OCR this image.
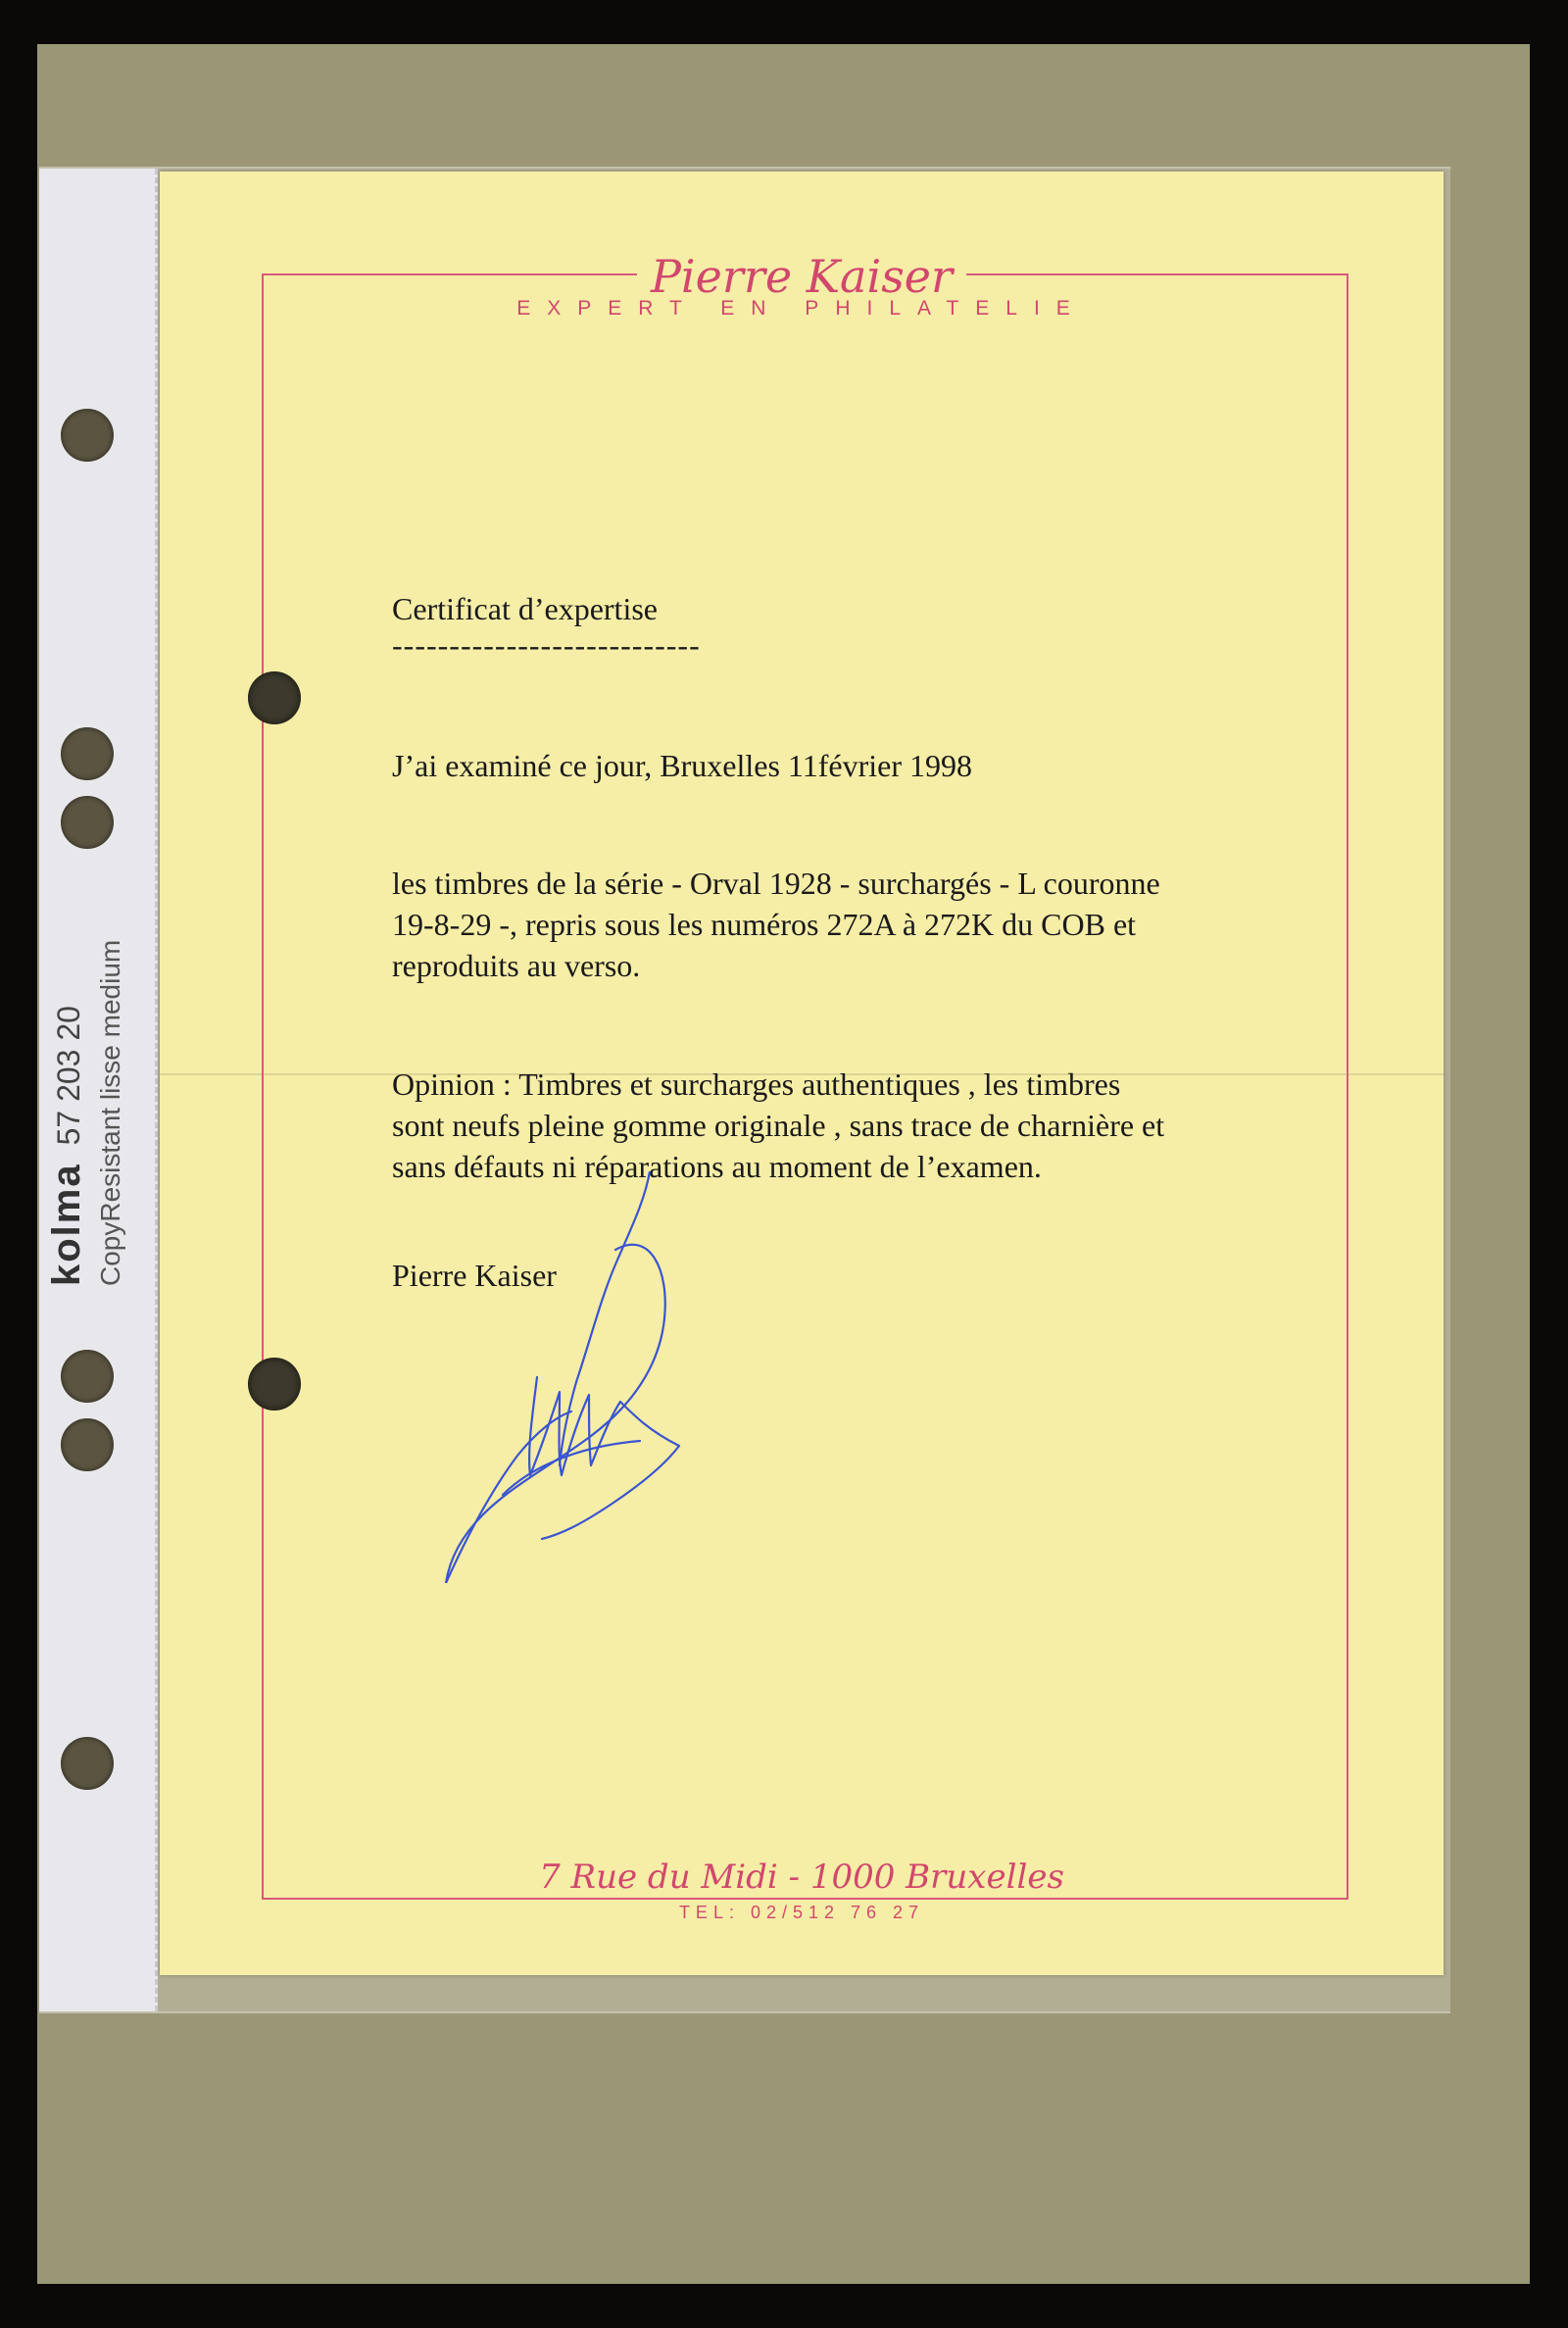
kolma57 203 20 CopyResistant lisse medium
Pierre Kaiser
EXPERT EN PHILATELIE
Certificat d’expertise
---------------------------
J’ai examiné ce jour, Bruxelles 11février 1998
les timbres de la série - Orval 1928 - surchargés - L couronne
19-8-29 -, repris sous les numéros 272A à 272K du COB et
reproduits au verso.
Opinion : Timbres et surcharges authentiques , les timbres
sont neufs pleine gomme originale , sans trace de charnière et
sans défauts ni réparations au moment de l’examen.
Pierre Kaiser
7 Rue du Midi - 1000 Bruxelles
TEL: 02/512 76 27
